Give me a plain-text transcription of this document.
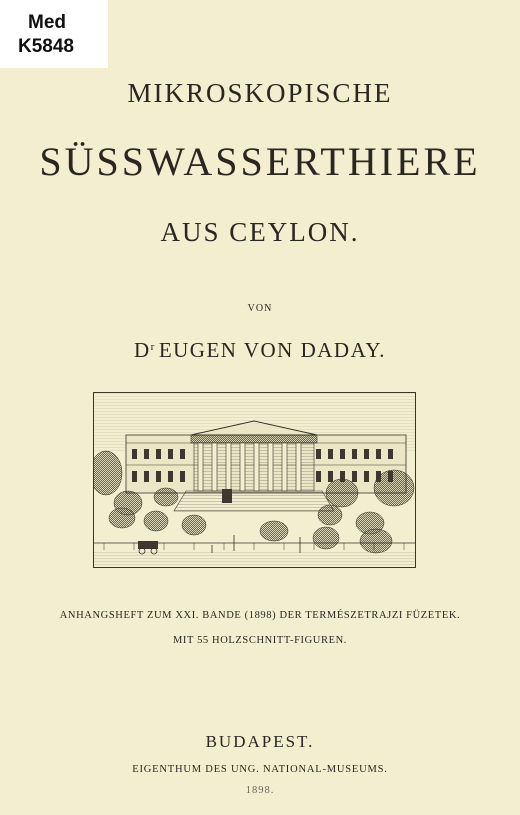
Med
K5848
MIKROSKOPISCHE
SÜSSWASSERTHIERE
AUS CEYLON.
VON
$D^r$ EUGEN VON DADAY.
ANHANGSHEFT ZUM XXI. BANDE (1898) DER TERMÉSZETRAJZI FÜZETEK.
MIT 55 HOLZSCHNITT-FIGUREN.
BUDAPEST.
EIGENTHUM DES UNG. NATIONAL-MUSEUMS.
1898.
